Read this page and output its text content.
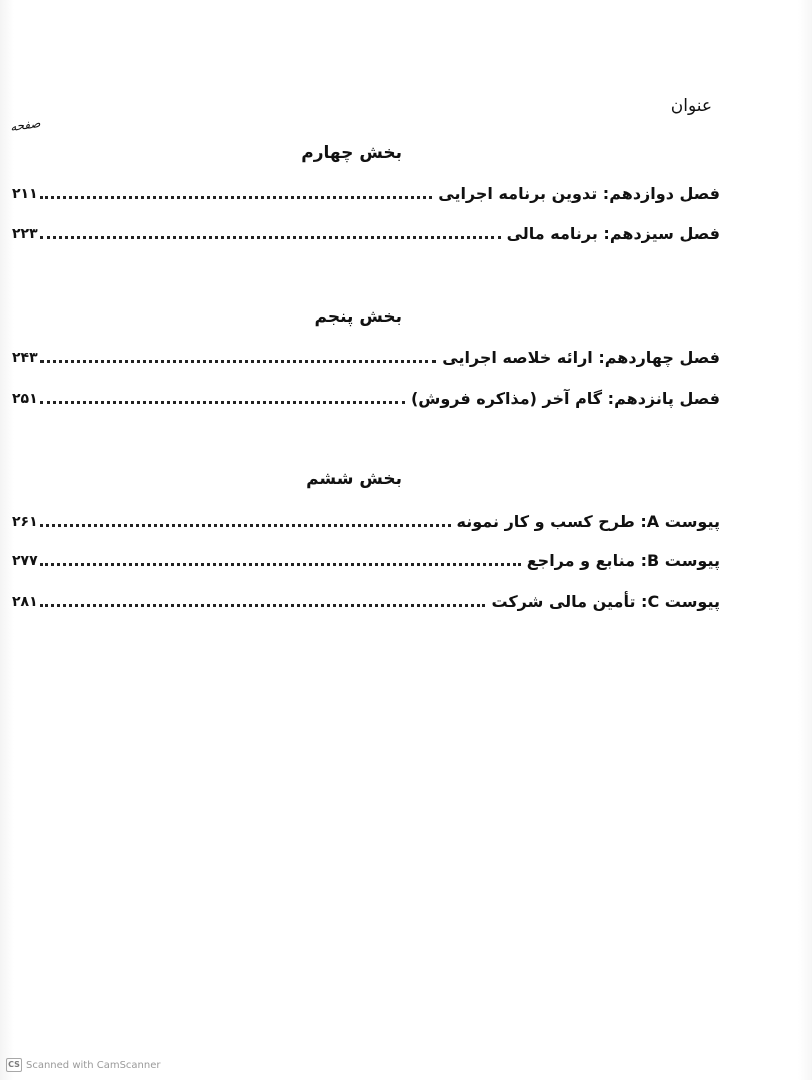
عنوان
صفحه
بخش چهارم
فصل دوازدهم: تدوین برنامه اجرایی
۲۱۱
فصل سیزدهم: برنامه مالی
۲۲۳
بخش پنجم
فصل چهاردهم: ارائه خلاصه اجرایی
۲۴۳
فصل پانزدهم: گام آخر (مذاکره فروش)
۲۵۱
بخش ششم
پیوست A: طرح کسب و کار نمونه
۲۶۱
پیوست B: منابع و مراجع
۲۷۷
پیوست C: تأمین مالی شرکت
۲۸۱
CS Scanned with CamScanner
